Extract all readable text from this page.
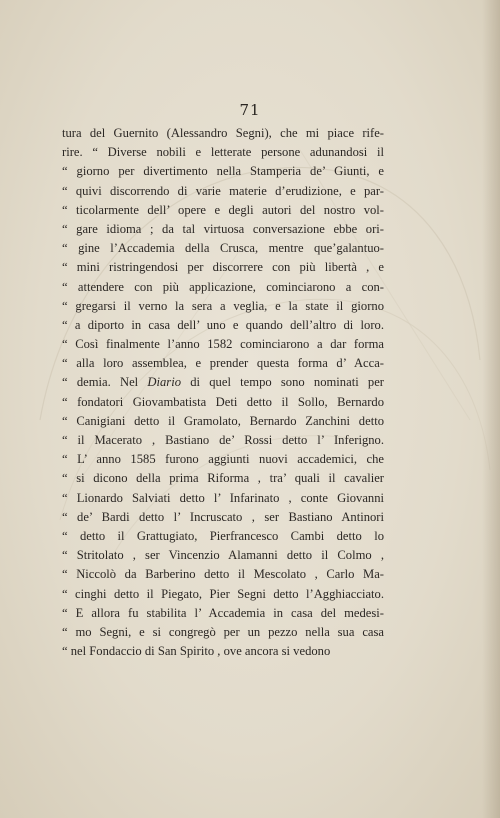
71
tura del Guernito (Alessandro Segni), che mi piace rife-
rire. “ Diverse nobili e letterate persone adunandosi il
“ giorno per divertimento nella Stamperia de’ Giunti, e
“ quivi discorrendo di varie materie d’erudizione, e par-
“ ticolarmente dell’ opere e degli autori del nostro vol-
“ gare idioma ; da tal virtuosa conversazione ebbe ori-
“ gine l’Accademia della Crusca, mentre que’galantuo-
“ mini ristringendosi per discorrere con più libertà , e
“ attendere con più applicazione, cominciarono a con-
“ gregarsi il verno la sera a veglia, e la state il giorno
“ a diporto in casa dell’ uno e quando dell’altro di loro.
“ Così finalmente l’anno 1582 cominciarono a dar forma
“ alla loro assemblea, e prender questa forma d’ Acca-
“ demia. Nel Diario di quel tempo sono nominati per
“ fondatori Giovambatista Deti detto il Sollo, Bernardo
“ Canigiani detto il Gramolato, Bernardo Zanchini detto
“ il Macerato , Bastiano de’ Rossi detto l’ Inferigno.
“ L’ anno 1585 furono aggiunti nuovi accademici, che
“ si dicono della prima Riforma , tra’ quali il cavalier
“ Lionardo Salviati detto l’ Infarinato , conte Giovanni
“ de’ Bardi detto l’ Incruscato , ser Bastiano Antinori
“ detto il Grattugiato, Pierfrancesco Cambi detto lo
“ Stritolato , ser Vincenzio Alamanni detto il Colmo ,
“ Niccolò da Barberino detto il Mescolato , Carlo Ma-
“ cinghi detto il Piegato, Pier Segni detto l’Agghiacciato.
“ E allora fu stabilita l’ Accademia in casa del medesi-
“ mo Segni, e si congregò per un pezzo nella sua casa
“ nel Fondaccio di San Spirito , ove ancora si vedono
